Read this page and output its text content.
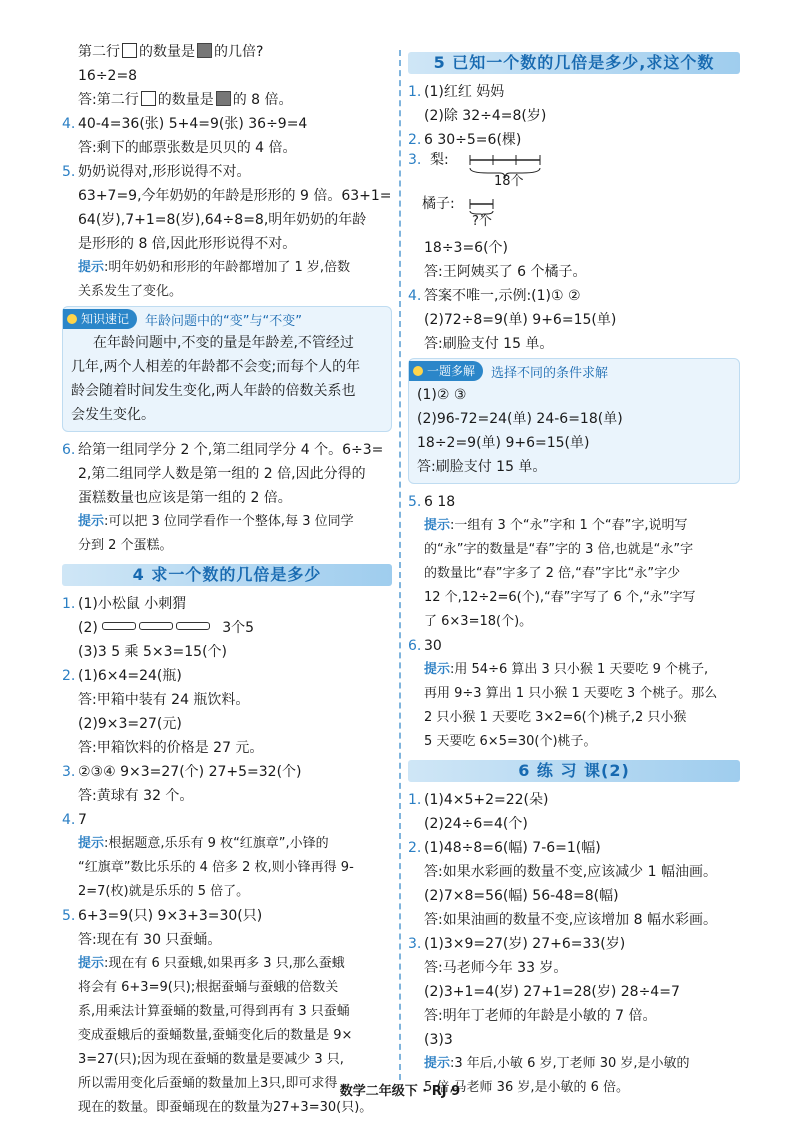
第二行 的数量是 的几倍?
16÷2=8
答:第二行 的数量是 的 8 倍。
4. 40-4=36(张) 5+4=9(张) 36÷9=4
答:剩下的邮票张数是贝贝的 4 倍。
5. 奶奶说得对,形形说得不对。
63+7=9,今年奶奶的年龄是形形的 9 倍。63+1=
64(岁),7+1=8(岁),64÷8=8,明年奶奶的年龄
是形形的 8 倍,因此形形说得不对。
提示:明年奶奶和形形的年龄都增加了 1 岁,倍数
关系发生了变化。
知识速记 年龄问题中的“变”与“不变”
在年龄问题中,不变的量是年龄差,不管经过
几年,两个人相差的年龄都不会变;而每个人的年
龄会随着时间发生变化,两人年龄的倍数关系也
会发生变化。
6. 给第一组同学分 2 个,第二组同学分 4 个。6÷3=
2,第二组同学人数是第一组的 2 倍,因此分得的
蛋糕数量也应该是第一组的 2 倍。
提示:可以把 3 位同学看作一个整体,每 3 位同学
分到 2 个蛋糕。
4 求一个数的几倍是多少
1. (1)小松鼠 小刺猬
(2)	3个5
(3)3 5 乘 5×3=15(个)
2. (1)6×4=24(瓶)
答:甲箱中装有 24 瓶饮料。
(2)9×3=27(元)
答:甲箱饮料的价格是 27 元。
3. ②③④ 9×3=27(个) 27+5=32(个)
答:黄球有 32 个。
4. 7
提示:根据题意,乐乐有 9 枚“红旗章”,小锋的
“红旗章”数比乐乐的 4 倍多 2 枚,则小锋再得 9-
2=7(枚)就是乐乐的 5 倍了。
5. 6+3=9(只) 9×3+3=30(只)
答:现在有 30 只蚕蛹。
提示:现在有 6 只蚕蛾,如果再多 3 只,那么蚕蛾
将会有 6+3=9(只);根据蚕蛹与蚕蛾的倍数关
系,用乘法计算蚕蛹的数量,可得到再有 3 只蚕蛹
变成蚕蛾后的蚕蛹数量,蚕蛹变化后的数量是 9×
3=27(只);因为现在蚕蛹的数量是要减少 3 只,
所以需用变化后蚕蛹的数量加上3只,即可求得
现在的数量。即蚕蛹现在的数量为27+3=30(只)。
5 已知一个数的几倍是多少,求这个数
1. (1)红红 妈妈
(2)除 32÷4=8(岁)
2. 6 30÷5=6(棵)
3. 梨:
18个
橘子:
?个
18÷3=6(个)
答:王阿姨买了 6 个橘子。
4. 答案不唯一,示例:(1)① ②
(2)72÷8=9(单) 9+6=15(单)
答:刷脸支付 15 单。
一题多解 选择不同的条件求解
(1)② ③
(2)96-72=24(单) 24-6=18(单)
18÷2=9(单) 9+6=15(单)
答:刷脸支付 15 单。
5. 6 18
提示:一组有 3 个“永”字和 1 个“春”字,说明写
的“永”字的数量是“春”字的 3 倍,也就是“永”字
的数量比“春”字多了 2 倍,“春”字比“永”字少
12 个,12÷2=6(个),“春”字写了 6 个,“永”字写
了 6×3=18(个)。
6. 30
提示:用 54÷6 算出 3 只小猴 1 天要吃 9 个桃子,
再用 9÷3 算出 1 只小猴 1 天要吃 3 个桃子。那么
2 只小猴 1 天要吃 3×2=6(个)桃子,2 只小猴
5 天要吃 6×5=30(个)桃子。
6 练 习 课(2)
1. (1)4×5+2=22(朵)
(2)24÷6=4(个)
2. (1)48÷8=6(幅) 7-6=1(幅)
答:如果水彩画的数量不变,应该减少 1 幅油画。
(2)7×8=56(幅) 56-48=8(幅)
答:如果油画的数量不变,应该增加 8 幅水彩画。
3. (1)3×9=27(岁) 27+6=33(岁)
答:马老师今年 33 岁。
(2)3+1=4(岁) 27+1=28(岁) 28÷4=7
答:明年丁老师的年龄是小敏的 7 倍。
(3)3
提示:3 年后,小敏 6 岁,丁老师 30 岁,是小敏的
5 倍,马老师 36 岁,是小敏的 6 倍。
数学二年级下 · RJ 9
